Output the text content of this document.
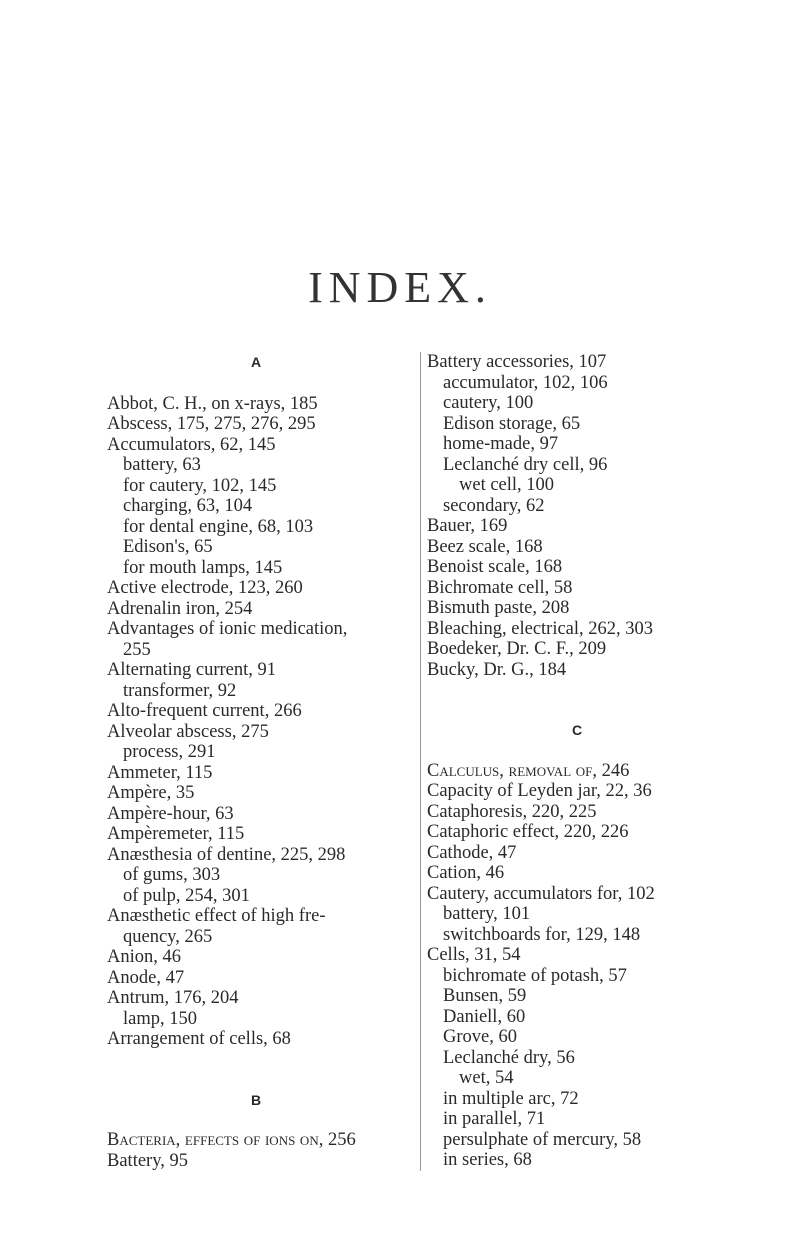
INDEX.
A
Abbot, C. H., on x-rays, 185
Abscess, 175, 275, 276, 295
Accumulators, 62, 145
battery, 63
for cautery, 102, 145
charging, 63, 104
for dental engine, 68, 103
Edison's, 65
for mouth lamps, 145
Active electrode, 123, 260
Adrenalin iron, 254
Advantages of ionic medication,
255
Alternating current, 91
transformer, 92
Alto-frequent current, 266
Alveolar abscess, 275
process, 291
Ammeter, 115
Ampère, 35
Ampère-hour, 63
Ampèremeter, 115
Anæsthesia of dentine, 225, 298
of gums, 303
of pulp, 254, 301
Anæsthetic effect of high fre-
quency, 265
Anion, 46
Anode, 47
Antrum, 176, 204
lamp, 150
Arrangement of cells, 68
B
Bacteria, effects of ions on, 256
Battery, 95
Battery accessories, 107
accumulator, 102, 106
cautery, 100
Edison storage, 65
home-made, 97
Leclanché dry cell, 96
wet cell, 100
secondary, 62
Bauer, 169
Beez scale, 168
Benoist scale, 168
Bichromate cell, 58
Bismuth paste, 208
Bleaching, electrical, 262, 303
Boedeker, Dr. C. F., 209
Bucky, Dr. G., 184
C
Calculus, removal of, 246
Capacity of Leyden jar, 22, 36
Cataphoresis, 220, 225
Cataphoric effect, 220, 226
Cathode, 47
Cation, 46
Cautery, accumulators for, 102
battery, 101
switchboards for, 129, 148
Cells, 31, 54
bichromate of potash, 57
Bunsen, 59
Daniell, 60
Grove, 60
Leclanché dry, 56
wet, 54
in multiple arc, 72
in parallel, 71
persulphate of mercury, 58
in series, 68
